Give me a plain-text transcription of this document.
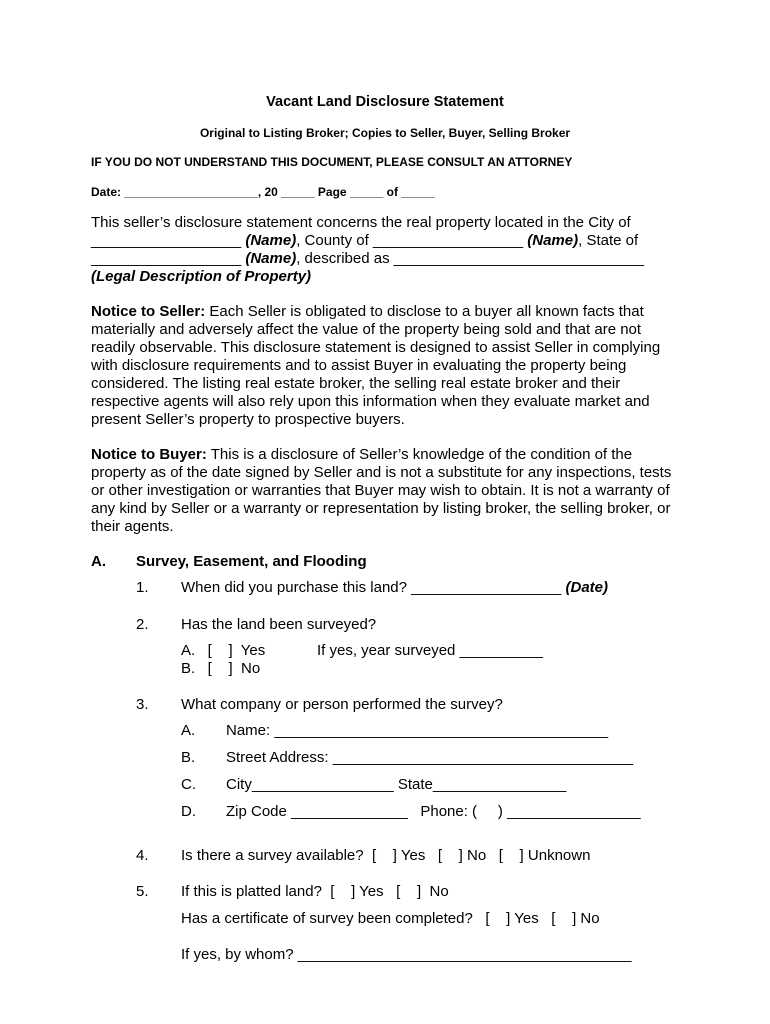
Vacant Land Disclosure Statement
Original to Listing Broker; Copies to Seller, Buyer, Selling Broker
IF YOU DO NOT UNDERSTAND THIS DOCUMENT, PLEASE CONSULT AN ATTORNEY
Date: ____________________, 20 _____ Page _____ of _____
This seller’s disclosure statement concerns the real property located in the City of
__________________ (Name), County of __________________ (Name), State of
__________________ (Name), described as ______________________________
(Legal Description of Property)
Notice to Seller: Each Seller is obligated to disclose to a buyer all known facts that
materially and adversely affect the value of the property being sold and that are not
readily observable. This disclosure statement is designed to assist Seller in complying
with disclosure requirements and to assist Buyer in evaluating the property being
considered. The listing real estate broker, the selling real estate broker and their
respective agents will also rely upon this information when they evaluate market and
present Seller’s property to prospective buyers.
Notice to Buyer: This is a disclosure of Seller’s knowledge of the condition of the
property as of the date signed by Seller and is not a substitute for any inspections, tests
or other investigation or warranties that Buyer may wish to obtain. It is not a warranty of
any kind by Seller or a warranty or representation by listing broker, the selling broker, or
their agents.
A. Survey, Easement, and Flooding
1. When did you purchase this land? __________________ (Date)
2. Has the land been surveyed?
A.   [    ]  Yes	If yes, year surveyed __________
B.   [    ]  No
3. What company or person performed the survey?
A. Name: ________________________________________
B. Street Address: ____________________________________
C. City_________________ State________________
D. Zip Code ______________   Phone: (     ) ________________
4. Is there a survey available? [    ] Yes [    ] No [    ] Unknown
5. If this is platted land? [    ] Yes [    ]  No
Has a certificate of survey been completed? [    ] Yes [    ] No
If yes, by whom? ________________________________________
